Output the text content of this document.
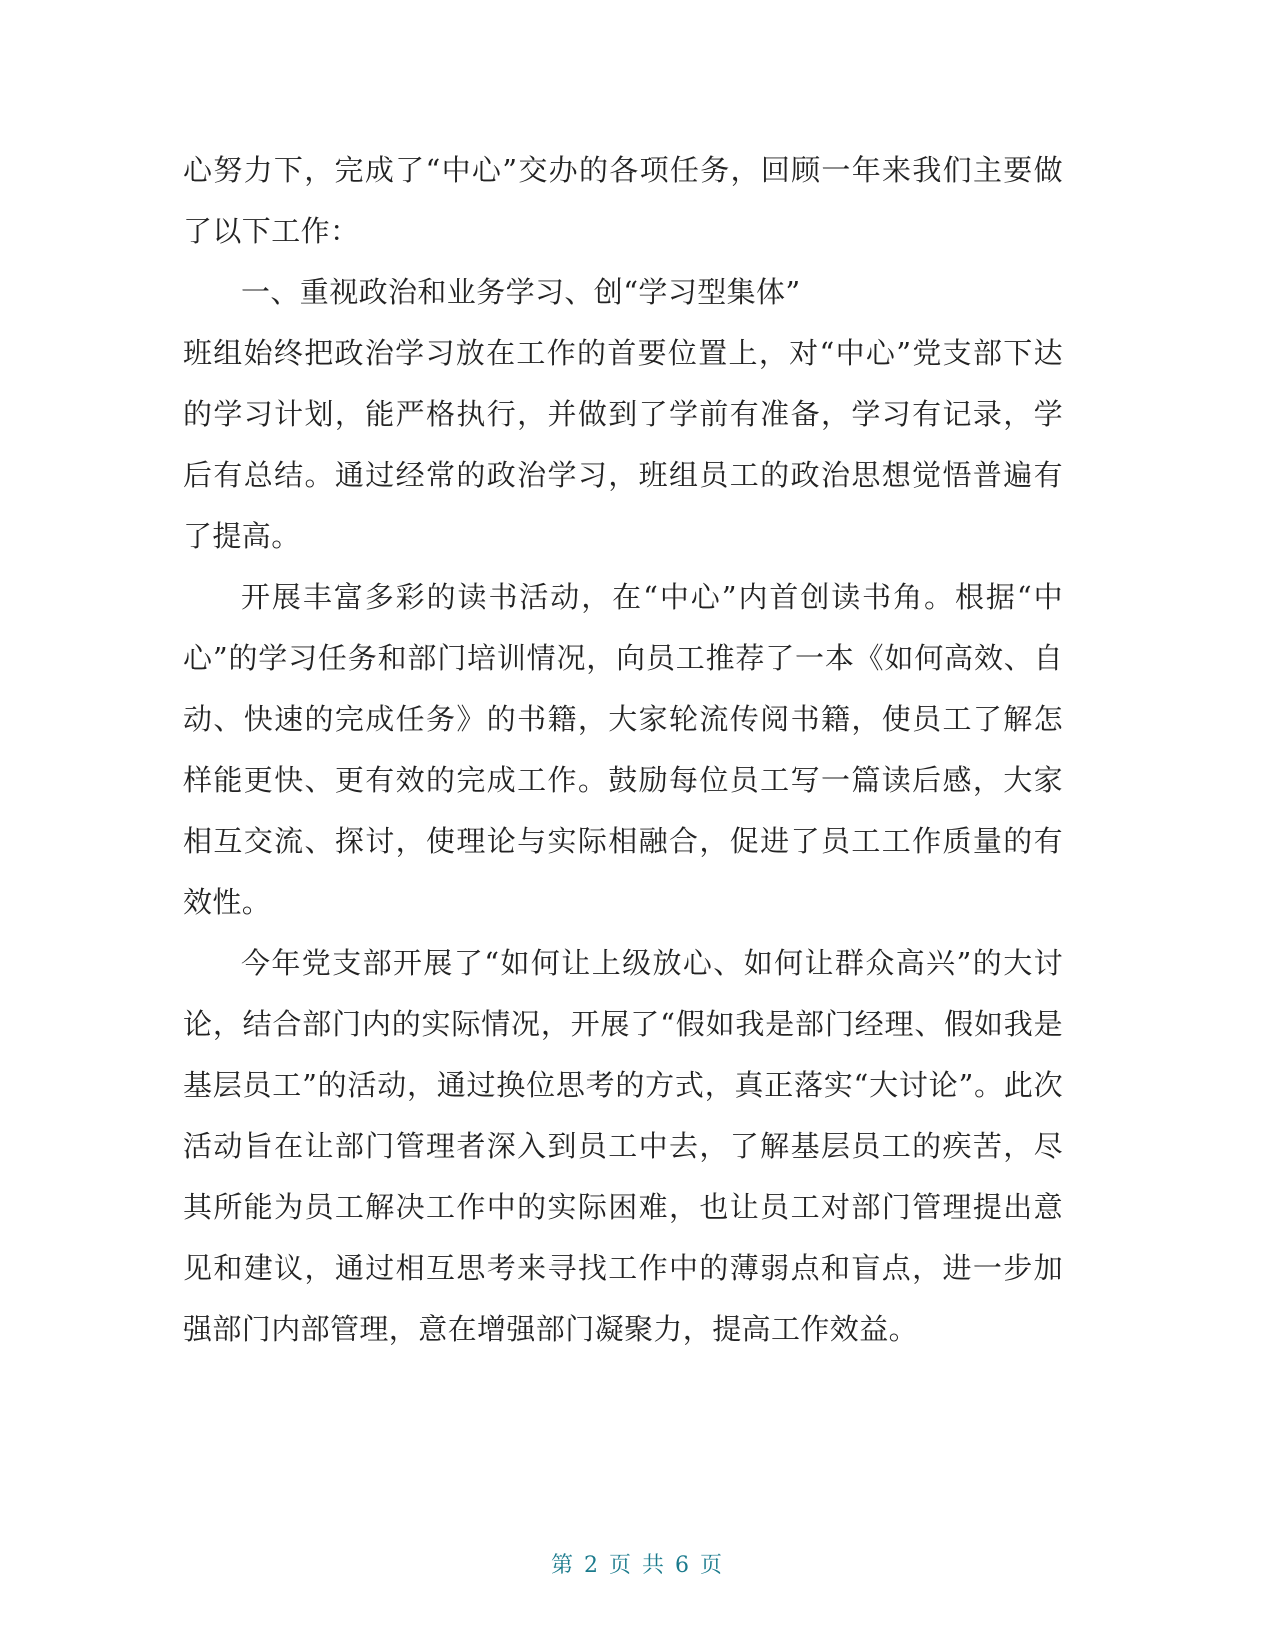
心努力下，完成了“中心”交办的各项任务，回顾一年来我们主要做了以下工作：

一、重视政治和业务学习、创“学习型集体”

班组始终把政治学习放在工作的首要位置上，对“中心”党支部下达的学习计划，能严格执行，并做到了学前有准备，学习有记录，学后有总结。通过经常的政治学习，班组员工的政治思想觉悟普遍有了提高。

开展丰富多彩的读书活动，在“中心”内首创读书角。根据“中心”的学习任务和部门培训情况，向员工推荐了一本《如何高效、自动、快速的完成任务》的书籍，大家轮流传阅书籍，使员工了解怎样能更快、更有效的完成工作。鼓励每位员工写一篇读后感，大家相互交流、探讨，使理论与实际相融合，促进了员工工作质量的有效性。

今年党支部开展了“如何让上级放心、如何让群众高兴”的大讨论，结合部门内的实际情况，开展了“假如我是部门经理、假如我是基层员工”的活动，通过换位思考的方式，真正落实“大讨论”。此次活动旨在让部门管理者深入到员工中去，了解基层员工的疾苦，尽其所能为员工解决工作中的实际困难，也让员工对部门管理提出意见和建议，通过相互思考来寻找工作中的薄弱点和盲点，进一步加强部门内部管理，意在增强部门凝聚力，提高工作效益。

第 2 页 共 6 页
